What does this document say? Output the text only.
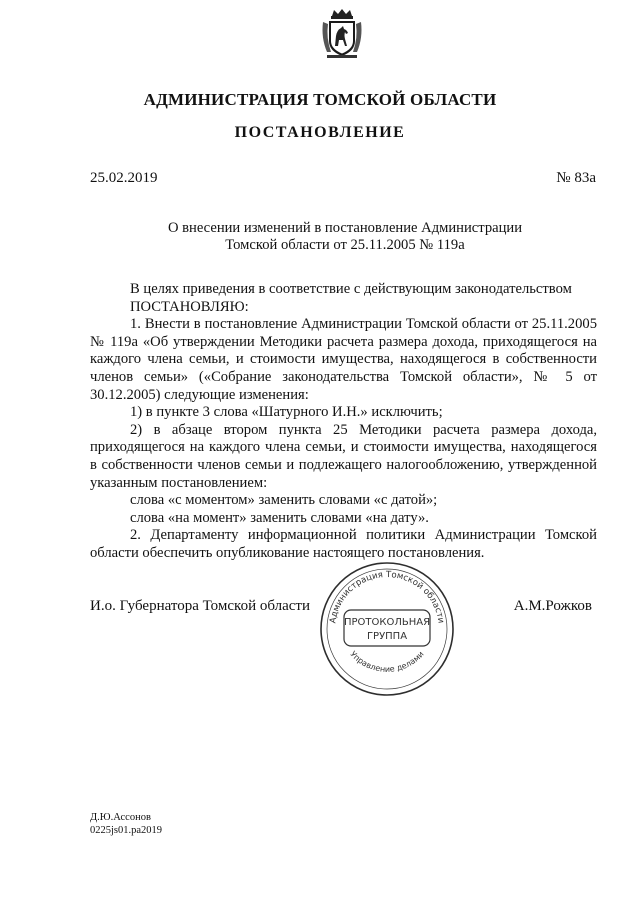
АДМИНИСТРАЦИЯ ТОМСКОЙ ОБЛАСТИ
ПОСТАНОВЛЕНИЕ
25.02.2019	№ 83а
О внесении изменений в постановление Администрации
Томской области от 25.11.2005 № 119а

В целях приведения в соответствие с действующим законодательством

ПОСТАНОВЛЯЮ:

1. Внести в постановление Администрации Томской области от 25.11.2005 № 119а «Об утверждении Методики расчета размера дохода, приходящегося на каждого члена семьи, и стоимости имущества, находящегося в собственности членов семьи» («Собрание законодательства Томской области», № 5 от 30.12.2005) следующие изменения:

1) в пункте 3 слова «Шатурного И.Н.» исключить;

2) в абзаце втором пункта 25 Методики расчета размера дохода, приходящегося на каждого члена семьи, и стоимости имущества, находящегося в собственности членов семьи и подлежащего налогообложению, утвержденной указанным постановлением:

слова «с моментом» заменить словами «с датой»;

слова «на момент» заменить словами «на дату».

2. Департаменту информационной политики Администрации Томской области обеспечить опубликование настоящего постановления.

И.о. Губернатора Томской области	А.М.Рожков
Администрация Томской области
Управление делами
ПРОТОКОЛЬНАЯ
ГРУППА
Д.Ю.Ассонов
0225js01.ра2019
